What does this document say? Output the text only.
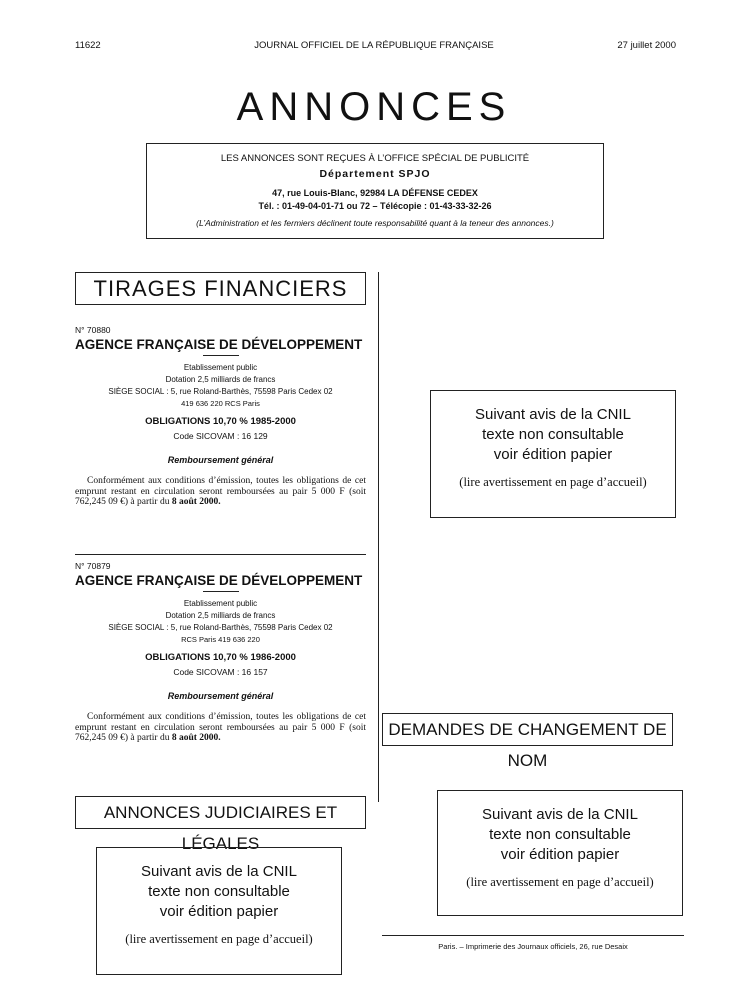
11622	JOURNAL OFFICIEL DE LA RÉPUBLIQUE FRANÇAISE	27 juillet 2000
ANNONCES
LES ANNONCES SONT REÇUES À L’OFFICE SPÉCIAL DE PUBLICITÉ
Département SPJO
47, rue Louis-Blanc, 92984 LA DÉFENSE CEDEX
Tél. : 01-49-04-01-71 ou 72 – Télécopie : 01-43-33-32-26
(L’Administration et les fermiers déclinent toute responsabilité quant à la teneur des annonces.)
TIRAGES FINANCIERS
DEMANDES DE CHANGEMENT DE NOM
ANNONCES JUDICIAIRES ET LÉGALES
N° 70880
AGENCE FRANÇAISE DE DÉVELOPPEMENT
Etablissement public
Dotation 2,5 milliards de francs
SIÈGE SOCIAL : 5, rue Roland-Barthès, 75598 Paris Cedex 02
419 636 220 RCS Paris
OBLIGATIONS 10,70 % 1985-2000
Code SICOVAM : 16 129
Remboursement général
Conformément aux conditions d’émission, toutes les obligations de cet emprunt restant en circulation seront remboursées au pair 5 000 F (soit 762,245 09 €) à partir du 8 août 2000.
N° 70879
AGENCE FRANÇAISE DE DÉVELOPPEMENT
Etablissement public
Dotation 2,5 milliards de francs
SIÈGE SOCIAL : 5, rue Roland-Barthès, 75598 Paris Cedex 02
RCS Paris 419 636 220
OBLIGATIONS 10,70 % 1986-2000
Code SICOVAM : 16 157
Remboursement général
Conformément aux conditions d’émission, toutes les obligations de cet emprunt restant en circulation seront remboursées au pair 5 000 F (soit 762,245 09 €) à partir du 8 août 2000.
Suivant avis de la CNIL
texte non consultable
voir édition papier
(lire avertissement en page d’accueil)
Suivant avis de la CNIL
texte non consultable
voir édition papier
(lire avertissement en page d’accueil)
Suivant avis de la CNIL
texte non consultable
voir édition papier
(lire avertissement en page d’accueil)
Paris. – Imprimerie des Journaux officiels, 26, rue Desaix
